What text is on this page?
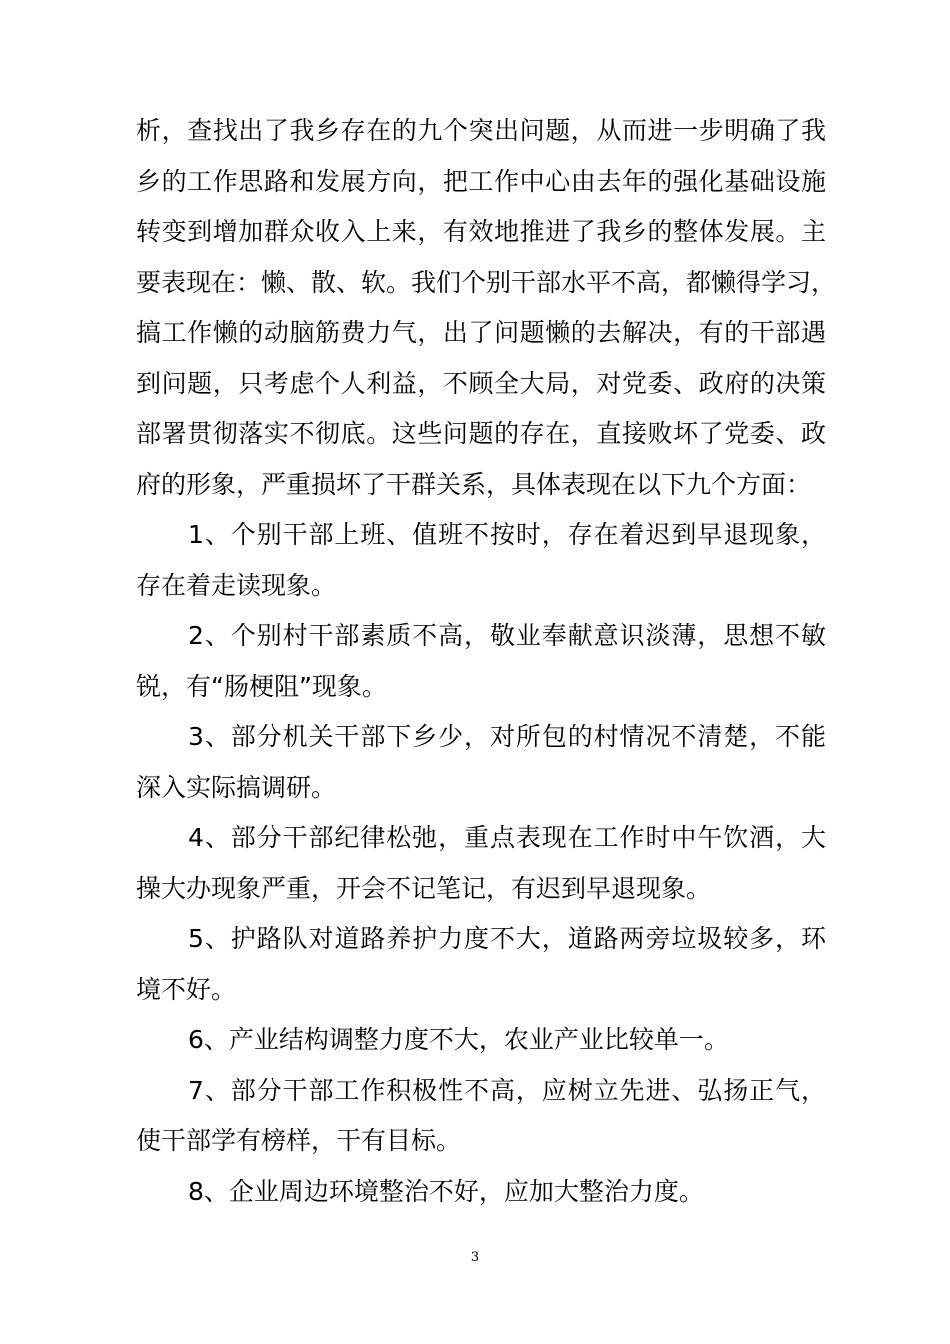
析，查找出了我乡存在的九个突出问题，从而进一步明确了我
乡的工作思路和发展方向，把工作中心由去年的强化基础设施
转变到增加群众收入上来，有效地推进了我乡的整体发展。主
要表现在：懒、散、软。我们个别干部水平不高，都懒得学习，
搞工作懒的动脑筋费力气，出了问题懒的去解决，有的干部遇
到问题，只考虑个人利益，不顾全大局，对党委、政府的决策
部署贯彻落实不彻底。这些问题的存在，直接败坏了党委、政
府的形象，严重损坏了干群关系，具体表现在以下九个方面：
1、个别干部上班、值班不按时，存在着迟到早退现象，
存在着走读现象。
2、个别村干部素质不高，敬业奉献意识淡薄，思想不敏
锐，有“肠梗阻”现象。
3、部分机关干部下乡少，对所包的村情况不清楚，不能
深入实际搞调研。
4、部分干部纪律松弛，重点表现在工作时中午饮酒，大
操大办现象严重，开会不记笔记，有迟到早退现象。
5、护路队对道路养护力度不大，道路两旁垃圾较多，环
境不好。
6、产业结构调整力度不大，农业产业比较单一。
7、部分干部工作积极性不高，应树立先进、弘扬正气，
使干部学有榜样，干有目标。
8、企业周边环境整治不好，应加大整治力度。
3
